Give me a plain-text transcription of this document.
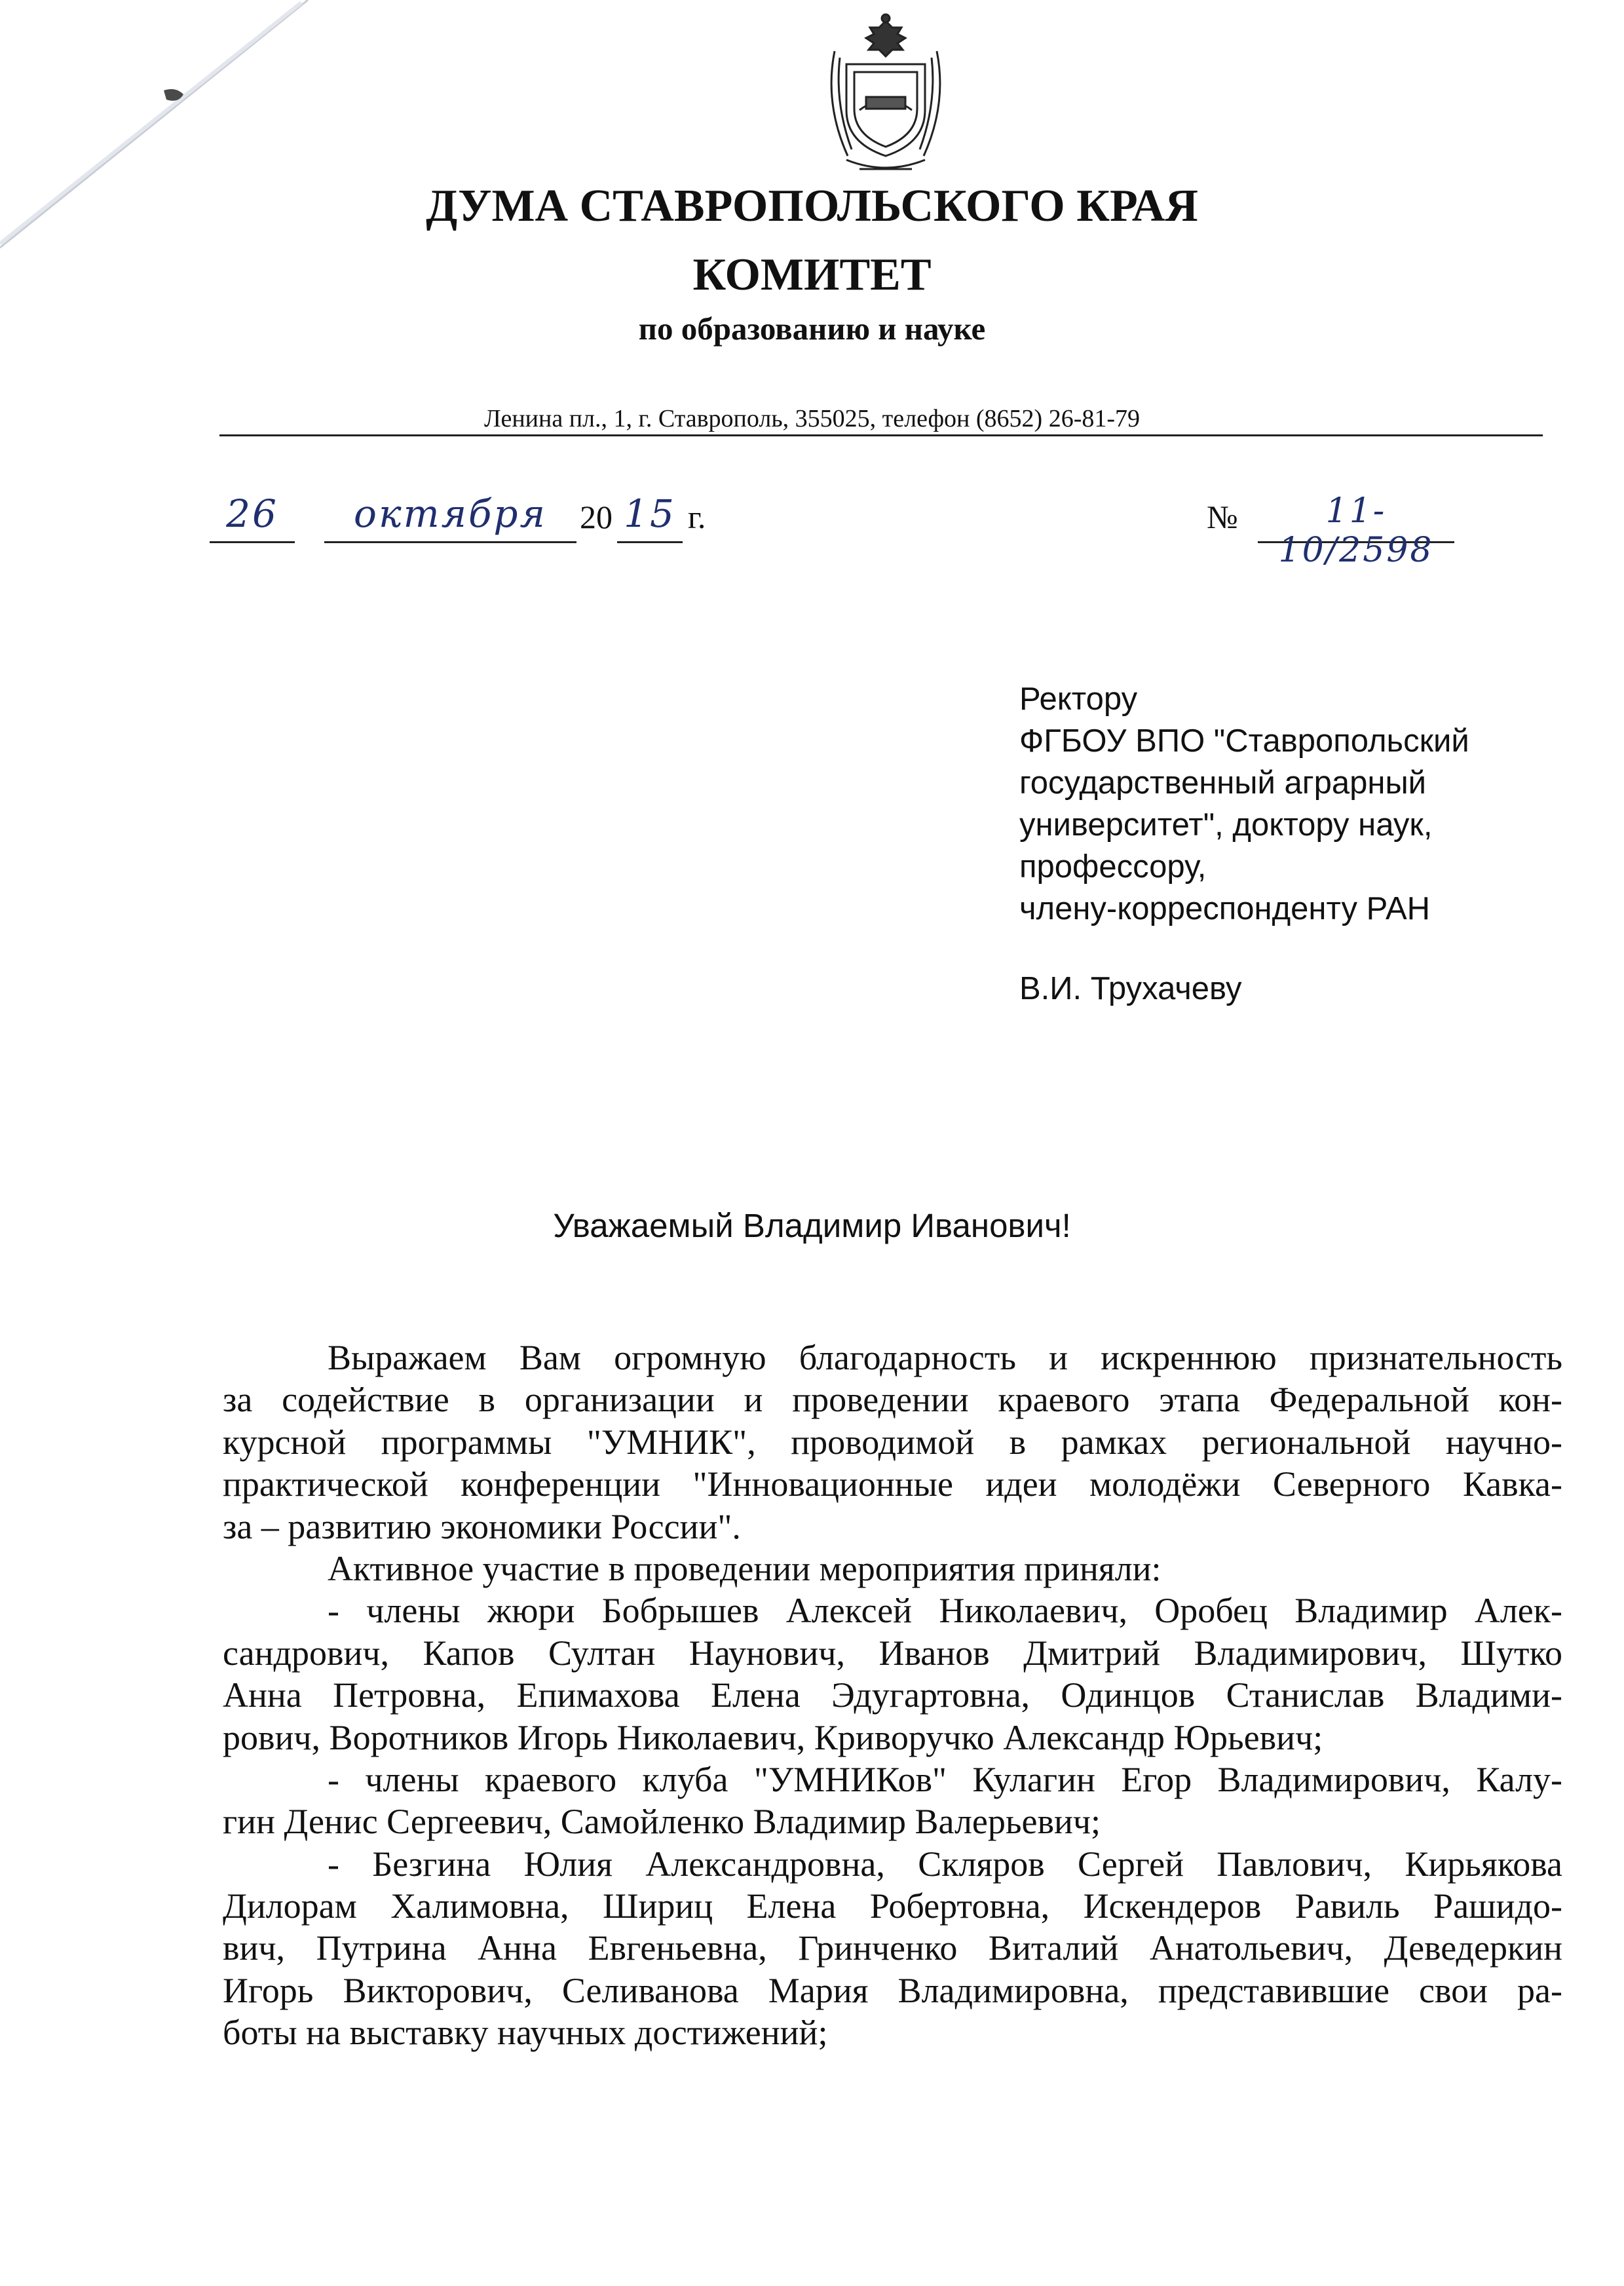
ДУМА СТАВРОПОЛЬСКОГО КРАЯ
КОМИТЕТ
по образованию и науке
Ленина пл., 1, г. Ставрополь, 355025, телефон (8652) 26-81-79
26	октября	20 15 г.	№	11-10/2598
Ректору
ФГБОУ ВПО "Ставропольский
государственный аграрный
университет", доктору наук,
профессору,
члену-корреспонденту РАН
В.И. Трухачеву
Уважаемый Владимир Иванович!
Выражаем Вам огромную благодарность и искреннюю признательность
за содействие в организации и проведении краевого этапа Федеральной кон-
курсной программы "УМНИК", проводимой в рамках региональной научно-
практической конференции "Инновационные идеи молодёжи Северного Кавка-
за – развитию экономики России".
Активное участие в проведении мероприятия приняли:
- члены жюри Бобрышев Алексей Николаевич, Оробец Владимир Алек-
сандрович, Капов Султан Наунович, Иванов Дмитрий Владимирович, Шутко
Анна Петровна, Епимахова Елена Эдугартовна, Одинцов Станислав Владими-
рович, Воротников Игорь Николаевич, Криворучко Александр Юрьевич;
- члены краевого клуба "УМНИКов" Кулагин Егор Владимирович, Калу-
гин Денис Сергеевич, Самойленко Владимир Валерьевич;
- Безгина Юлия Александровна, Скляров Сергей Павлович, Кирьякова
Дилорам Халимовна, Шириц Елена Робертовна, Искендеров Равиль Рашидо-
вич, Путрина Анна Евгеньевна, Гринченко Виталий Анатольевич, Деведеркин
Игорь Викторович, Селиванова Мария Владимировна, представившие свои ра-
боты на выставку научных достижений;
